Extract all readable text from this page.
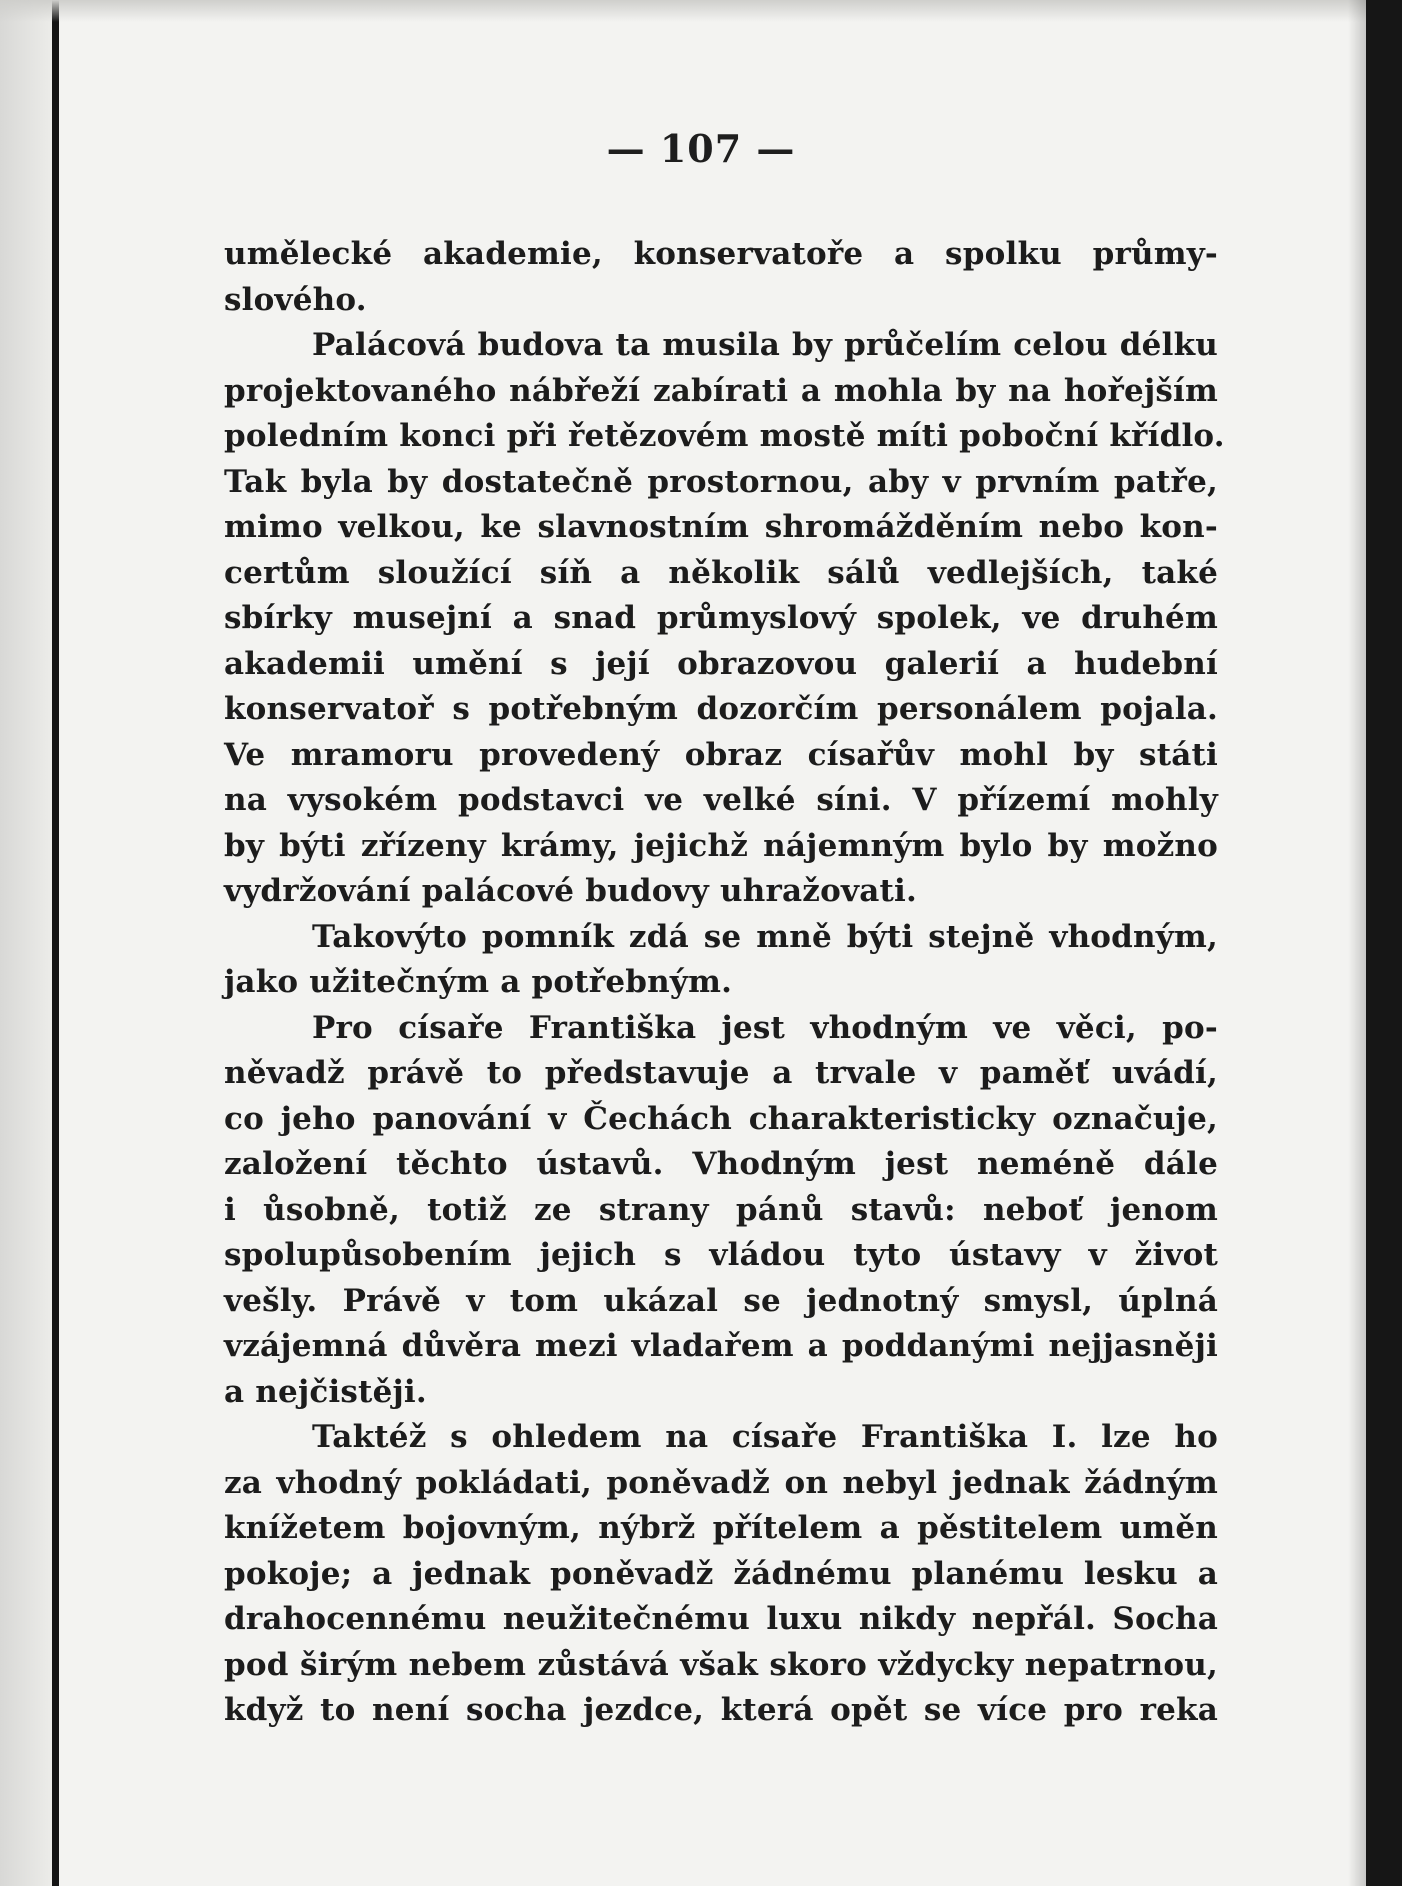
— 107 —
umělecké akademie, konservatoře a spolku průmy-
slového.
Palácová budova ta musila by průčelím celou délku
projektovaného nábřeží zabírati a mohla by na hořejším
poledním konci při řetězovém mostě míti poboční křídlo.
Tak byla by dostatečně prostornou, aby v prvním patře,
mimo velkou, ke slavnostním shromážděním nebo kon-
certům sloužící síň a několik sálů vedlejších, také
sbírky musejní a snad průmyslový spolek, ve druhém
akademii umění s její obrazovou galerií a hudební
konservatoř s potřebným dozorčím personálem pojala.
Ve mramoru provedený obraz císařův mohl by státi
na vysokém podstavci ve velké síni. V přízemí mohly
by býti zřízeny krámy, jejichž nájemným bylo by možno
vydržování palácové budovy uhražovati.
Takovýto pomník zdá se mně býti stejně vhodným,
jako užitečným a potřebným.
Pro císaře Františka jest vhodným ve věci, po-
něvadž právě to představuje a trvale v paměť uvádí,
co jeho panování v Čechách charakteristicky označuje,
založení těchto ústavů. Vhodným jest neméně dále
i ůsobně, totiž ze strany pánů stavů: neboť jenom
spolupůsobením jejich s vládou tyto ústavy v život
vešly. Právě v tom ukázal se jednotný smysl, úplná
vzájemná důvěra mezi vladařem a poddanými nejjasněji
a nejčistěji.
Taktéž s ohledem na císaře Františka I. lze ho
za vhodný pokládati, poněvadž on nebyl jednak žádným
knížetem bojovným, nýbrž přítelem a pěstitelem uměn
pokoje; a jednak poněvadž žádnému planému lesku a
drahocennému neužitečnému luxu nikdy nepřál. Socha
pod širým nebem zůstává však skoro vždycky nepatrnou,
když to není socha jezdce, která opět se více pro reka
